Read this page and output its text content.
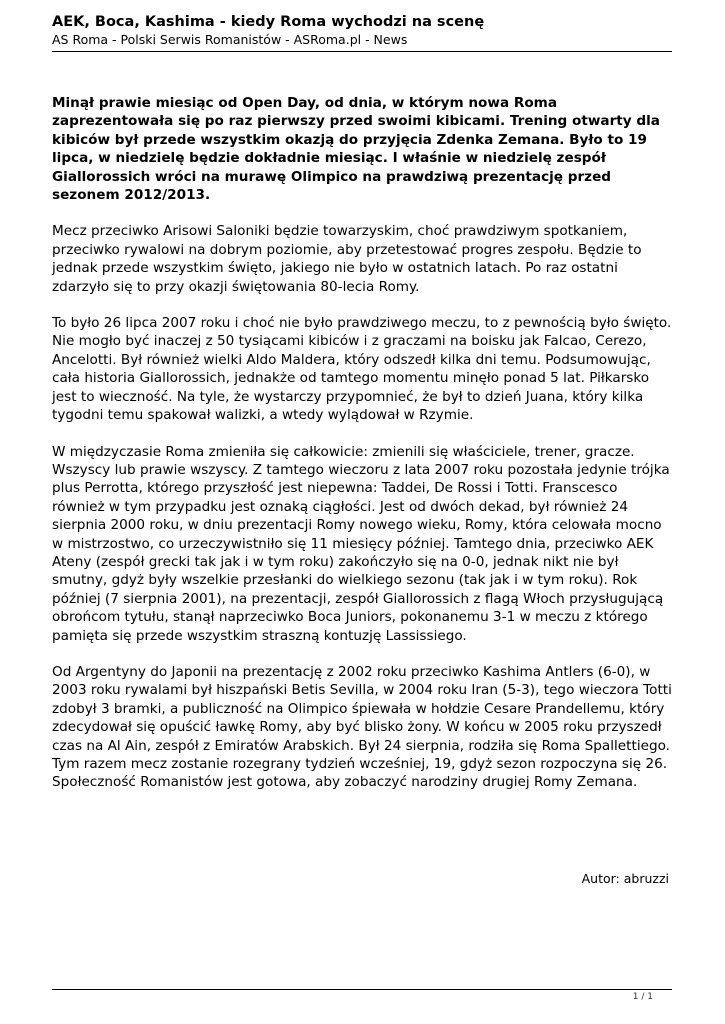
AEK, Boca, Kashima - kiedy Roma wychodzi na scenę

AS Roma - Polski Serwis Romanistów - ASRoma.pl - News

Minął prawie miesiąc od Open Day, od dnia, w którym nowa Roma zaprezentowała się po raz pierwszy przed swoimi kibicami. Trening otwarty dla kibiców był przede wszystkim okazją do przyjęcia Zdenka Zemana. Było to 19 lipca, w niedzielę będzie dokładnie miesiąc. I właśnie w niedzielę zespół Giallorossich wróci na murawę Olimpico na prawdziwą prezentację przed sezonem 2012/2013.

Mecz przeciwko Arisowi Saloniki będzie towarzyskim, choć prawdziwym spotkaniem, przeciwko rywalowi na dobrym poziomie, aby przetestować progres zespołu. Będzie to jednak przede wszystkim święto, jakiego nie było w ostatnich latach. Po raz ostatni zdarzyło się to przy okazji świętowania 80-lecia Romy.

To było 26 lipca 2007 roku i choć nie było prawdziwego meczu, to z pewnością było święto. Nie mogło być inaczej z 50 tysiącami kibiców i z graczami na boisku jak Falcao, Cerezo, Ancelotti. Był również wielki Aldo Maldera, który odszedł kilka dni temu. Podsumowując, cała historia Giallorossich, jednakże od tamtego momentu minęło ponad 5 lat. Piłkarsko jest to wieczność. Na tyle, że wystarczy przypomnieć, że był to dzień Juana, który kilka tygodni temu spakował walizki, a wtedy wylądował w Rzymie.

W międzyczasie Roma zmieniła się całkowicie: zmienili się właściciele, trener, gracze. Wszyscy lub prawie wszyscy. Z tamtego wieczoru z lata 2007 roku pozostała jedynie trójka plus Perrotta, którego przyszłość jest niepewna: Taddei, De Rossi i Totti. Franscesco również w tym przypadku jest oznaką ciągłości. Jest od dwóch dekad, był również 24 sierpnia 2000 roku, w dniu prezentacji Romy nowego wieku, Romy, która celowała mocno w mistrzostwo, co urzeczywistniło się 11 miesięcy później. Tamtego dnia, przeciwko AEK Ateny (zespół grecki tak jak i w tym roku) zakończyło się na 0-0, jednak nikt nie był smutny, gdyż były wszelkie przesłanki do wielkiego sezonu (tak jak i w tym roku). Rok później (7 sierpnia 2001), na prezentacji, zespół Giallorossich z flagą Włoch przysługującą obrońcom tytułu, stanął naprzeciwko Boca Juniors, pokonanemu 3-1 w meczu z którego pamięta się przede wszystkim straszną kontuzję Lassissiego.

Od Argentyny do Japonii na prezentację z 2002 roku przeciwko Kashima Antlers (6-0), w 2003 roku rywalami był hiszpański Betis Sevilla, w 2004 roku Iran (5-3), tego wieczora Totti zdobył 3 bramki, a publiczność na Olimpico śpiewała w hołdzie Cesare Prandellemu, który zdecydował się opuścić ławkę Romy, aby być blisko żony. W końcu w 2005 roku przyszedł czas na Al Ain, zespół z Emiratów Arabskich. Był 24 sierpnia, rodziła się Roma Spallettiego. Tym razem mecz zostanie rozegrany tydzień wcześniej, 19, gdyż sezon rozpoczyna się 26. Społeczność Romanistów jest gotowa, aby zobaczyć narodziny drugiej Romy Zemana.

Autor: abruzzi
1 / 1
